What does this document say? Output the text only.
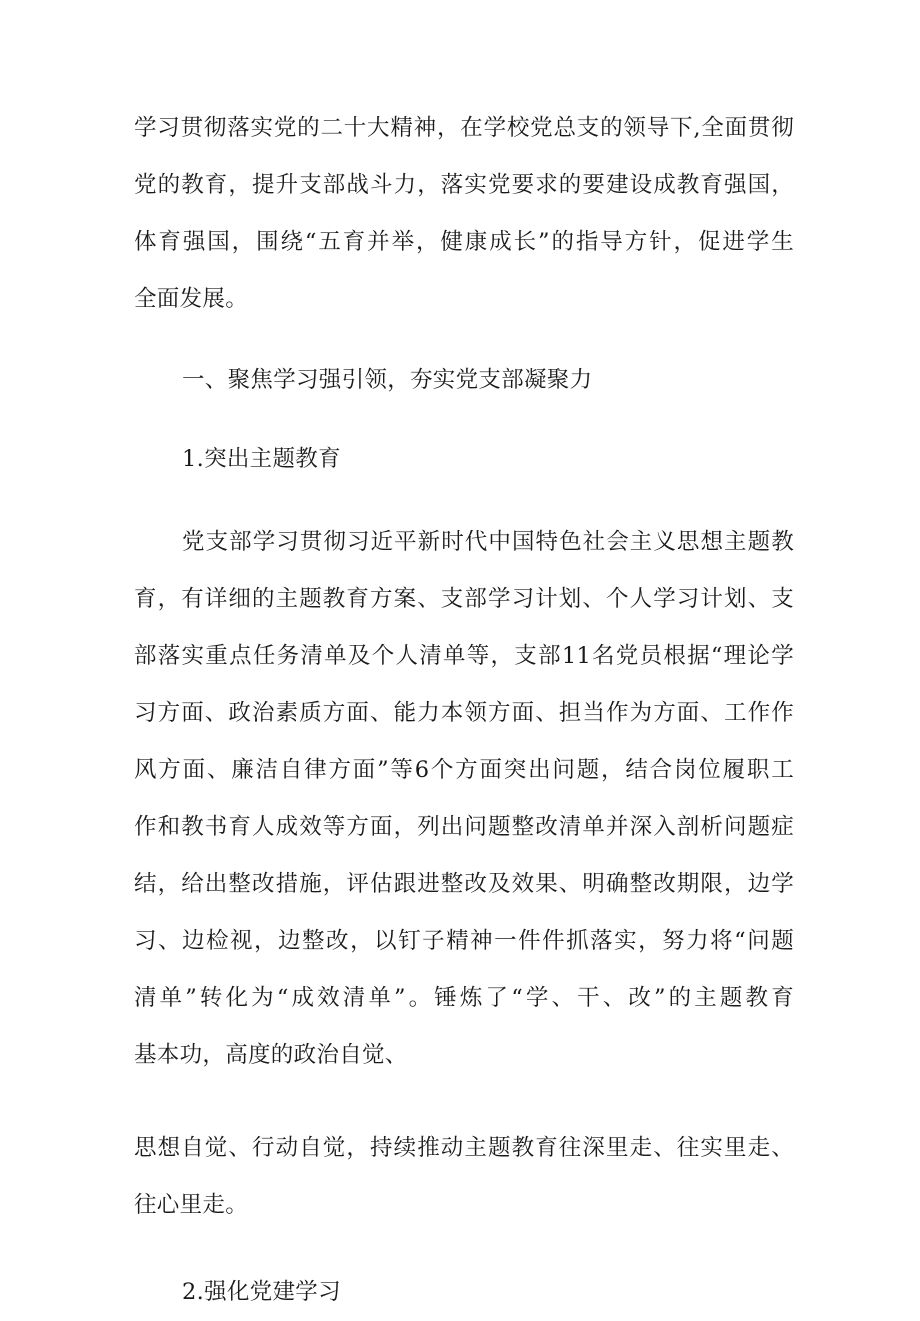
学习贯彻落实党的二十大精神，在学校党总支的领导下,全面贯彻
党的教育，提升支部战斗力，落实党要求的要建设成教育强国，
体育强国，围绕“五育并举，健康成长”的指导方针，促进学生
全面发展。
一、聚焦学习强引领，夯实党支部凝聚力
1.突出主题教育
党支部学习贯彻习近平新时代中国特色社会主义思想主题教
育，有详细的主题教育方案、支部学习计划、个人学习计划、支
部落实重点任务清单及个人清单等，支部11名党员根据“理论学
习方面、政治素质方面、能力本领方面、担当作为方面、工作作
风方面、廉洁自律方面”等6个方面突出问题，结合岗位履职工
作和教书育人成效等方面，列出问题整改清单并深入剖析问题症
结，给出整改措施，评估跟进整改及效果、明确整改期限，边学
习、边检视，边整改，以钉子精神一件件抓落实，努力将“问题
清单”转化为“成效清单”。锤炼了“学、干、改”的主题教育
基本功，高度的政治自觉、
思想自觉、行动自觉，持续推动主题教育往深里走、往实里走、
往心里走。
2.强化党建学习
